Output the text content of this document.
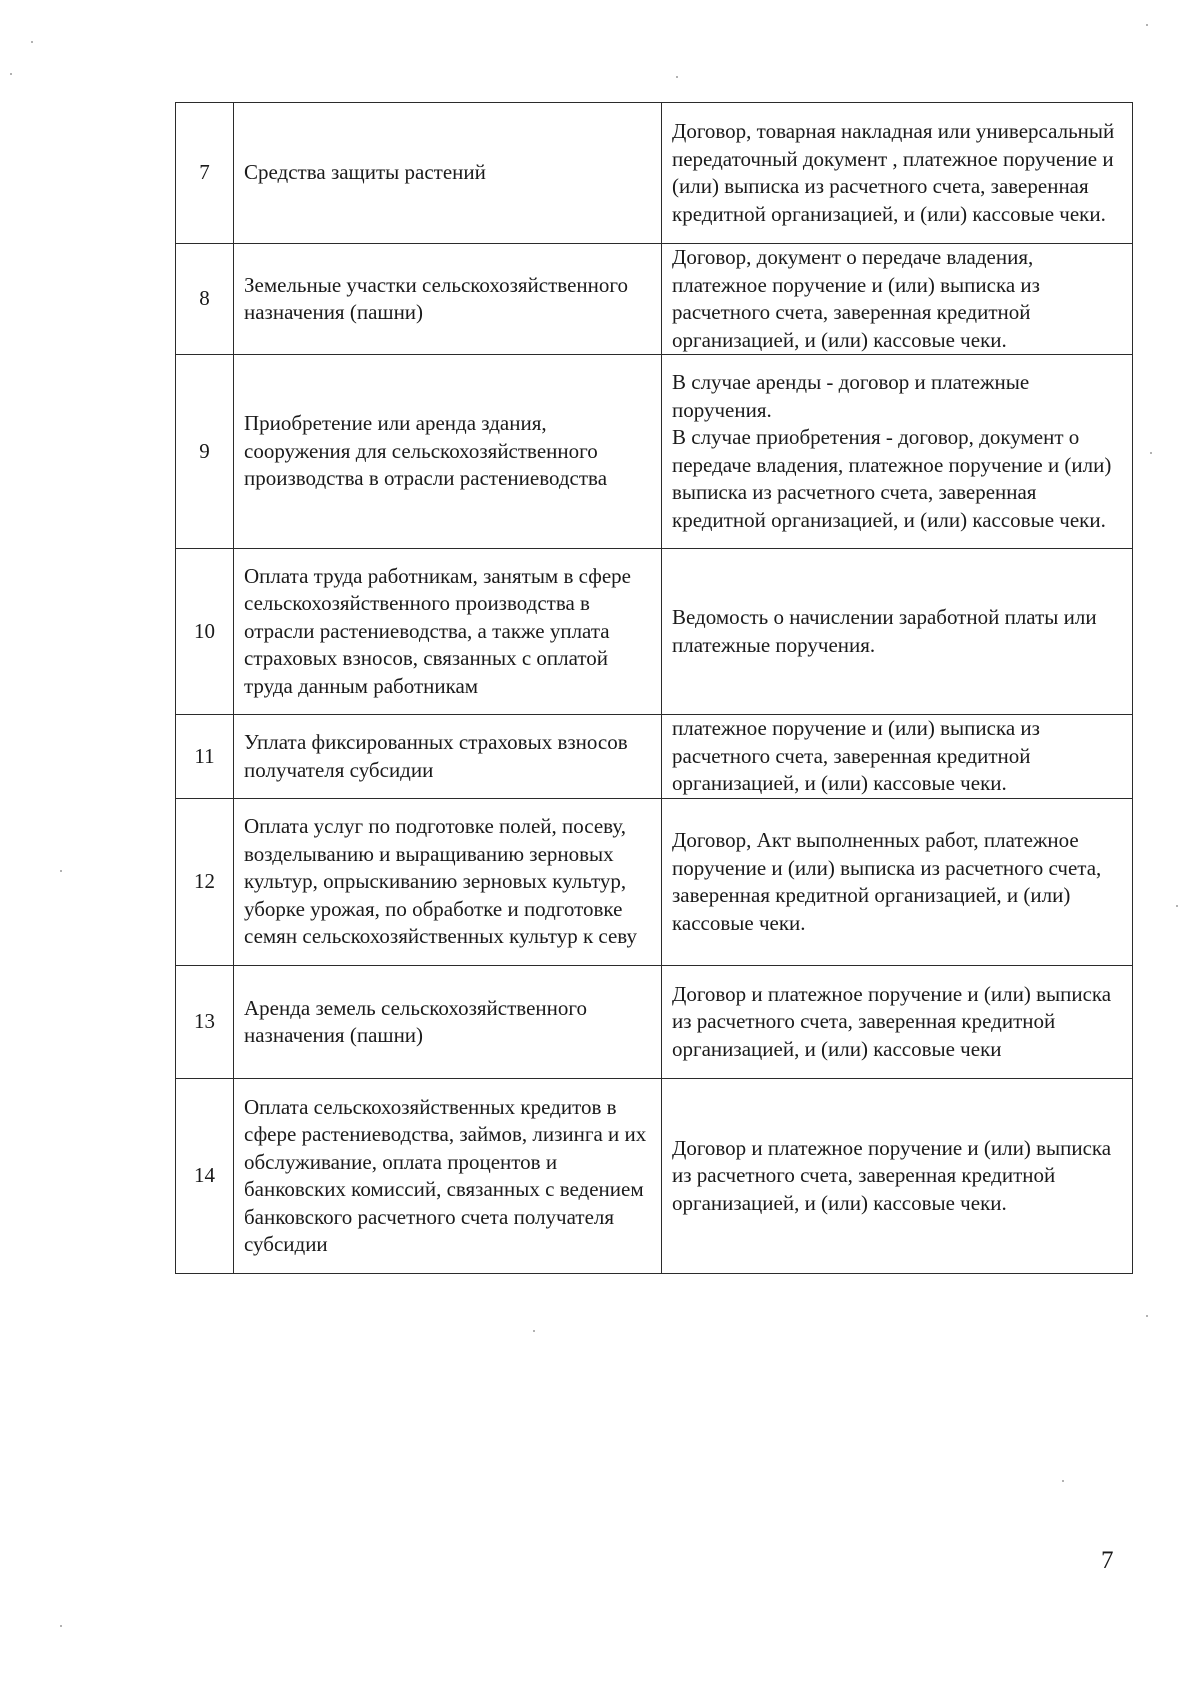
7	Средства защиты растений	Договор, товарная накладная или универсальный передаточный документ , платежное поручение и (или) выписка из расчетного счета, заверенная кредитной организацией, и (или) кассовые чеки.

8	Земельные участки сельскохозяйственного назначения (пашни)	Договор, документ о передаче владения, платежное поручение и (или) выписка из расчетного счета, заверенная кредитной организацией, и (или) кассовые чеки.

9	Приобретение или аренда здания, сооружения для сельскохозяйственного производства в отрасли растениеводства	В случае аренды - договор и платежные поручения.
В случае приобретения - договор, документ о передаче владения, платежное поручение и (или) выписка из расчетного счета, заверенная кредитной организацией, и (или) кассовые чеки.

10	Оплата труда работникам, занятым в сфере сельскохозяйственного производства в отрасли растениеводства, а также уплата страховых взносов, связанных с оплатой труда данным работникам	Ведомость о начислении заработной платы или платежные поручения.

11	Уплата фиксированных страховых взносов получателя субсидии	платежное поручение и (или) выписка из расчетного счета, заверенная кредитной организацией, и (или) кассовые чеки.

12	Оплата услуг по подготовке полей, посеву, возделыванию и выращиванию зерновых культур, опрыскиванию зерновых культур, уборке урожая, по обработке и подготовке семян сельскохозяйственных культур к севу	Договор, Акт выполненных работ, платежное поручение и (или) выписка из расчетного счета, заверенная кредитной организацией, и (или) кассовые чеки.

13	Аренда земель сельскохозяйственного назначения (пашни)	Договор и платежное поручение и (или) выписка из расчетного счета, заверенная кредитной организацией, и (или) кассовые чеки

14	Оплата сельскохозяйственных кредитов в сфере растениеводства, займов, лизинга и их обслуживание, оплата процентов и банковских комиссий, связанных с ведением банковского расчетного счета получателя субсидии	Договор и платежное поручение и (или) выписка из расчетного счета, заверенная кредитной организацией, и (или) кассовые чеки.
7
